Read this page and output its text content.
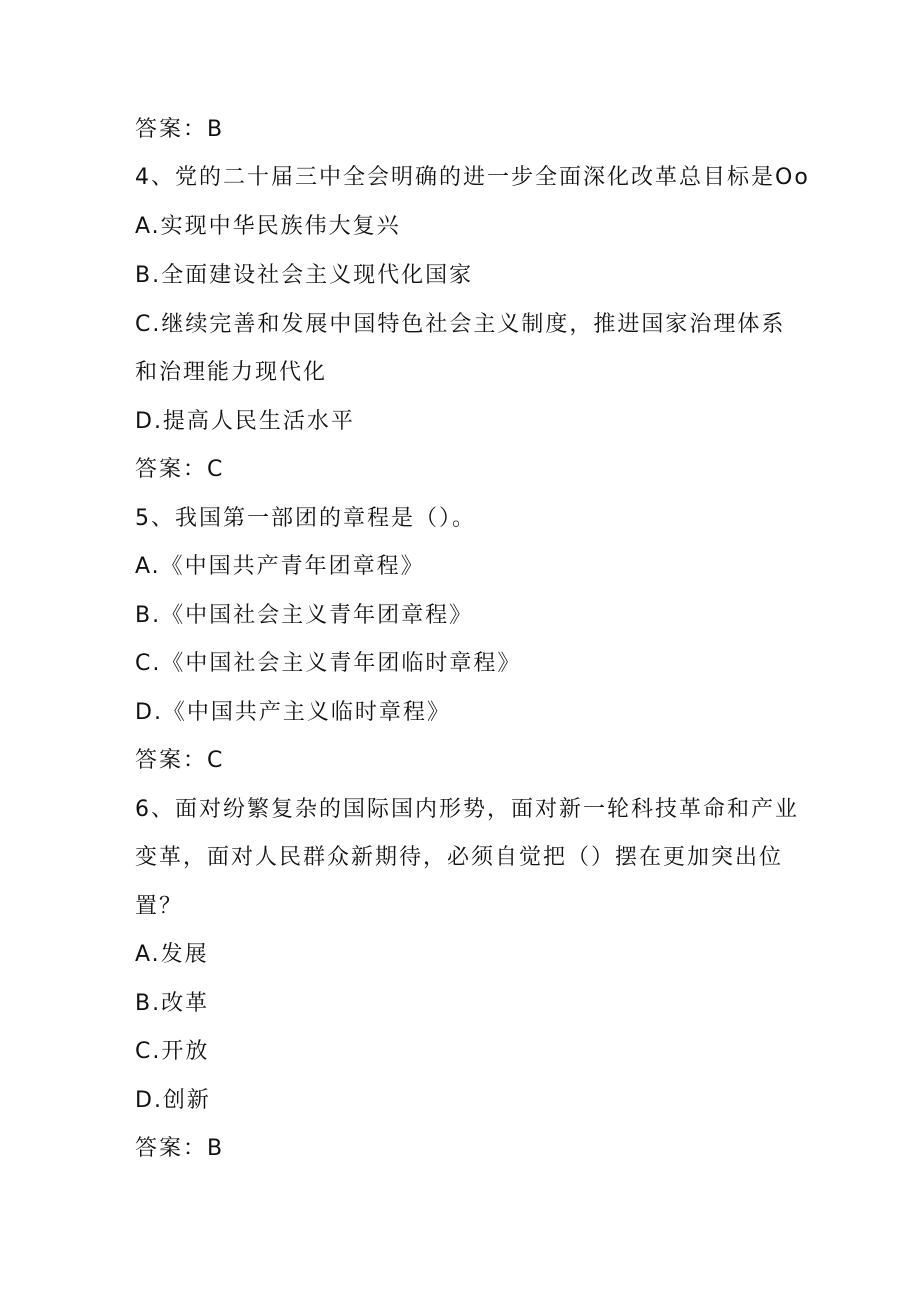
答案：B
4、党的二十届三中全会明确的进一步全面深化改革总目标是Oo
A.实现中华民族伟大复兴
B.全面建设社会主义现代化国家
C.继续完善和发展中国特色社会主义制度，推进国家治理体系
和治理能力现代化
D.提高人民生活水平
答案：C
5、我国第一部团的章程是（）。
A.《中国共产青年团章程》
B.《中国社会主义青年团章程》
C.《中国社会主义青年团临时章程》
D.《中国共产主义临时章程》
答案：C
6、面对纷繁复杂的国际国内形势，面对新一轮科技革命和产业
变革，面对人民群众新期待，必须自觉把（）摆在更加突出位
置？
A.发展
B.改革
C.开放
D.创新
答案：B
